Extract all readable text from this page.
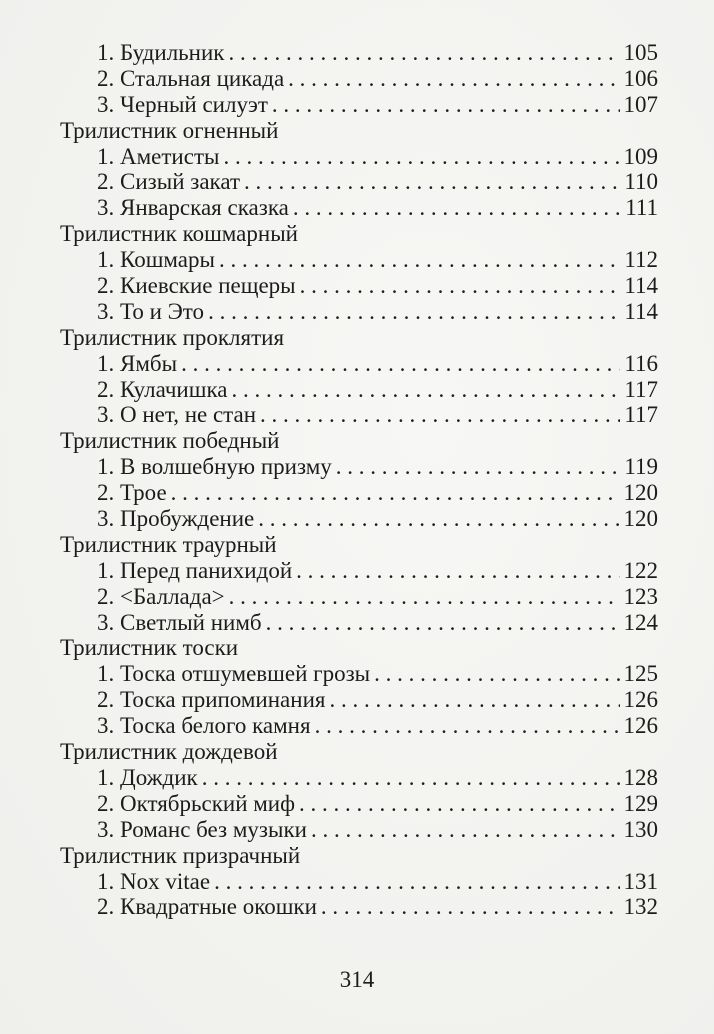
1. Будильник . . .	105
2. Стальная цикада . . .	106
3. Черный силуэт . . .	107
Трилистник огненный
1. Аметисты . . .	109
2. Сизый закат . . .	110
3. Январская сказка . . .	111
Трилистник кошмарный
1. Кошмары . . .	112
2. Киевские пещеры . . .	114
3. То и Это . . .	114
Трилистник проклятия
1. Ямбы . . .	116
2. Кулачишка . . .	117
3. О нет, не стан . . .	117
Трилистник победный
1. В волшебную призму . . .	119
2. Трое . . .	120
3. Пробуждение . . .	120
Трилистник траурный
1. Перед панихидой . . .	122
2. <Баллада> . . .	123
3. Светлый нимб . . .	124
Трилистник тоски
1. Тоска отшумевшей грозы . . .	125
2. Тоска припоминания . . .	126
3. Тоска белого камня . . .	126
Трилистник дождевой
1. Дождик . . .	128
2. Октябрьский миф . . .	129
3. Романс без музыки . . .	130
Трилистник призрачный
1. Nox vitae . . .	131
2. Квадратные окошки . . .	132
314
